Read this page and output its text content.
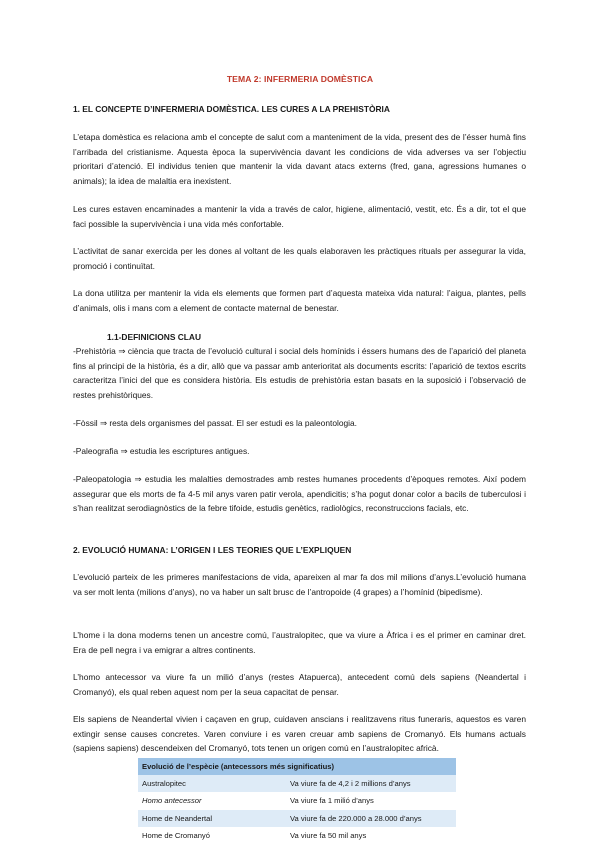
TEMA 2: INFERMERIA DOMÈSTICA
1. EL CONCEPTE D’INFERMERIA DOMÈSTICA. LES CURES A LA PREHISTÒRIA

L’etapa domèstica es relaciona amb el concepte de salut com a manteniment de la vida, present des de l’ésser humà fins l’arribada del cristianisme. Aquesta època la supervivència davant les condicions de vida adverses va ser l’objectiu prioritari d’atenció. El individus tenien que mantenir la vida davant atacs externs (fred, gana, agressions humanes o animals); la idea de malaltia era inexistent.

Les cures estaven encaminades a mantenir la vida a través de calor, higiene, alimentació, vestit, etc. És a dir, tot el que faci possible la supervivència i una vida més confortable.

L’activitat de sanar exercida per les dones al voltant de les quals elaboraven les pràctiques rituals per assegurar la vida, promoció i continuïtat.

La dona utilitza per mantenir la vida els elements que formen part d’aquesta mateixa vida natural: l’aigua, plantes, pells d’animals, olis i mans com a element de contacte maternal de benestar.

1.1-DEFINICIONS CLAU

-Prehistòria ⇒ ciència que tracta de l’evolució cultural i social dels homínids i éssers humans des de l’aparició del planeta fins al principi de la història, és a dir, allò que va passar amb anterioritat als documents escrits: l’aparició de textos escrits caracteritza l’inici del que es considera història. Els estudis de prehistòria estan basats en la suposició i l’observació de restes prehistòriques.

-Fòssil ⇒ resta dels organismes del passat. El ser estudi es la paleontologia.

-Paleografia ⇒ estudia les escriptures antigues.

-Paleopatologia ⇒ estudia les malalties demostrades amb restes humanes procedents d’èpoques remotes. Així podem assegurar que els morts de fa 4-5 mil anys varen patir verola, apendicitis; s’ha pogut donar color a bacils de tuberculosi i s’han realitzat serodiagnòstics de la febre tifoide, estudis genètics, radiològics, reconstruccions facials, etc.

2. EVOLUCIÓ HUMANA: L’ORIGEN I LES TEORIES QUE L’EXPLIQUEN

L’evolució parteix de les primeres manifestacions de vida, apareixen al mar fa dos mil milions d’anys.L’evolució humana va ser molt lenta (milions d’anys), no va haber un salt brusc de l’antropoide (4 grapes) a l’homínid (bipedisme).

L’home i la dona moderns tenen un ancestre comú, l’australopitec, que va viure a Àfrica i es el primer en caminar dret. Era de pell negra i va emigrar a altres continents.

L’homo antecessor va viure fa un milió d’anys (restes Atapuerca), antecedent comú dels sapiens (Neandertal i Cromanyó), els qual reben aquest nom per la seua capacitat de pensar.

Els sapiens de Neandertal vivien i caçaven en grup, cuidaven anscians i realitzavens ritus funeraris, aquestos es varen extingir sense causes concretes. Varen conviure i es varen creuar amb sapiens de Cromanyó. Els humans actuals (sapiens sapiens) descendeixen del Cromanyó, tots tenen un origen comú en l’australopitec africà.

Evolució de l’espècie (antecessors més significatius)	
Australopitec	Va viure fa de 4,2 i 2 millions d’anys
Homo antecessor	Va viure fa 1 milió d’anys
Home de Neandertal	Va viure fa de 220.000 a 28.000 d’anys
Home de Cromanyó	Va viure fa 50 mil anys
